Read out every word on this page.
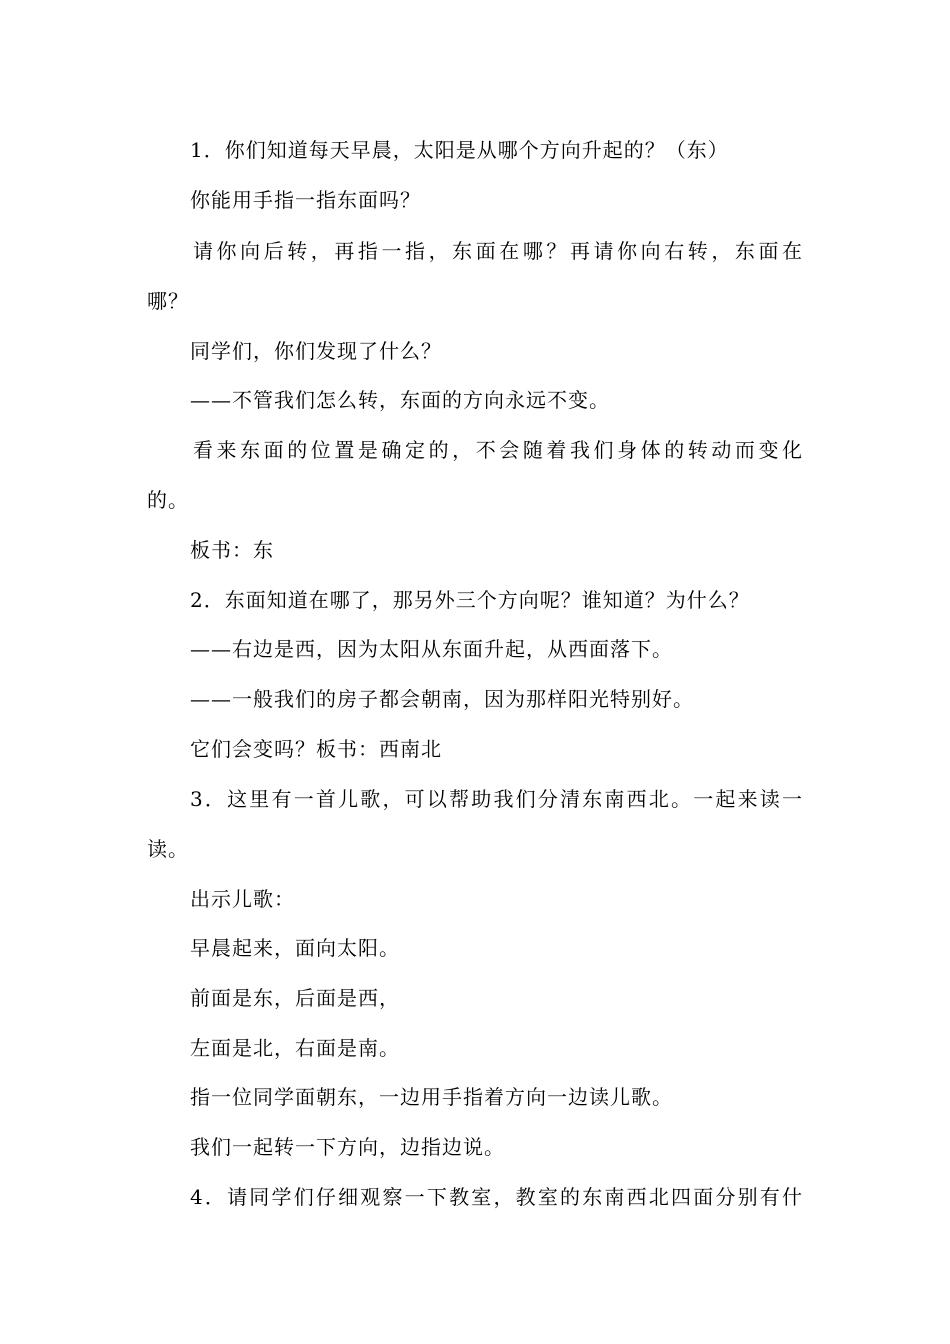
1．你们知道每天早晨，太阳是从哪个方向升起的？（东）
你能用手指一指东面吗？
请你向后转，再指一指，东面在哪？再请你向右转，东面在
哪？
同学们，你们发现了什么？
——不管我们怎么转，东面的方向永远不变。
看来东面的位置是确定的，不会随着我们身体的转动而变化
的。
板书：东
2．东面知道在哪了，那另外三个方向呢？谁知道？为什么？
——右边是西，因为太阳从东面升起，从西面落下。
——一般我们的房子都会朝南，因为那样阳光特别好。
它们会变吗？板书：西南北
3．这里有一首儿歌，可以帮助我们分清东南西北。一起来读一
读。
出示儿歌：
早晨起来，面向太阳。
前面是东，后面是西，
左面是北，右面是南。
指一位同学面朝东，一边用手指着方向一边读儿歌。
我们一起转一下方向，边指边说。
4．请同学们仔细观察一下教室，教室的东南西北四面分别有什
